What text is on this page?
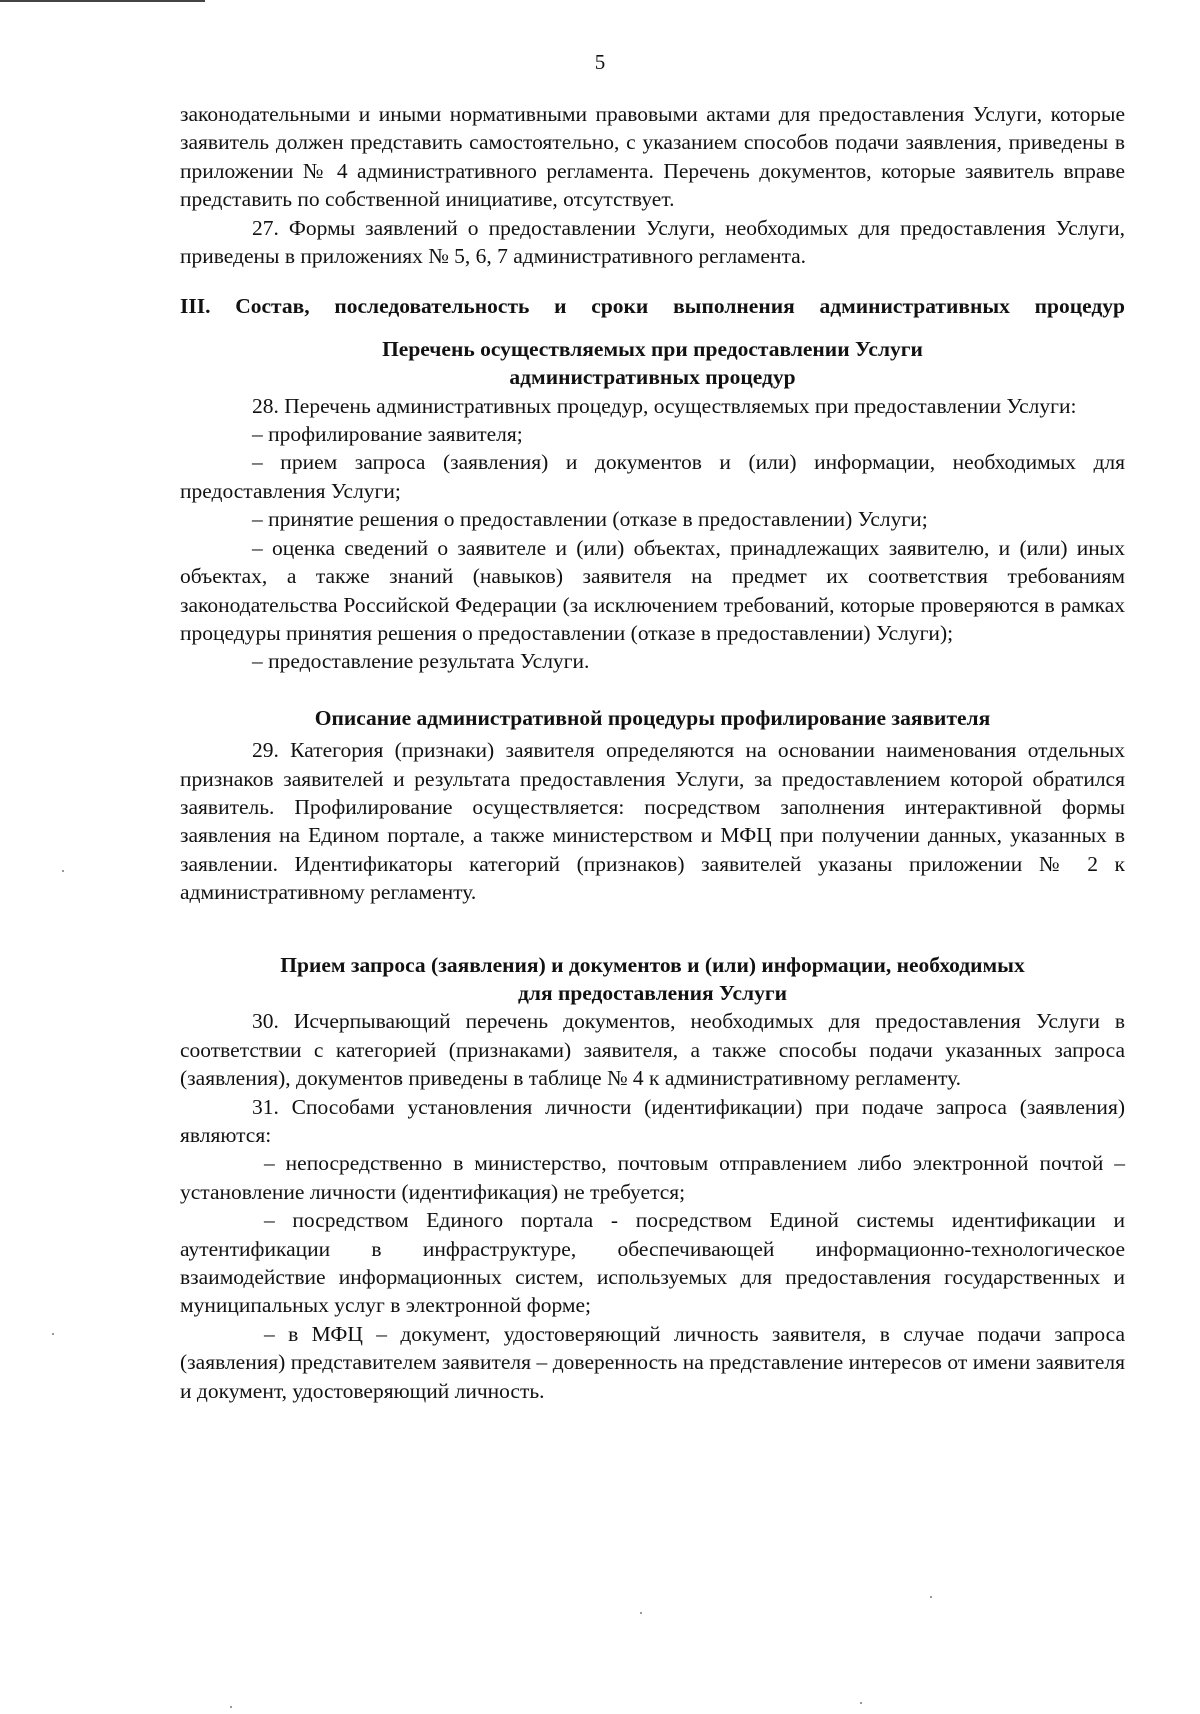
5

законодательными и иными нормативными правовыми актами для предоставления Услуги, которые заявитель должен представить самостоятельно, с указанием способов подачи заявления, приведены в приложении № 4 административного регламента. Перечень документов, которые заявитель вправе представить по собственной инициативе, отсутствует.

27. Формы заявлений о предоставлении Услуги, необходимых для предоставления Услуги, приведены в приложениях № 5, 6, 7 административного регламента.

III. Состав, последовательность и сроки выполнения административных процедур
Перечень осуществляемых при предоставлении Услуги
административных процедур

28. Перечень административных процедур, осуществляемых при предоставлении Услуги:

– профилирование заявителя;

– прием запроса (заявления) и документов и (или) информации, необходимых для предоставления Услуги;

– принятие решения о предоставлении (отказе в предоставлении) Услуги;

– оценка сведений о заявителе и (или) объектах, принадлежащих заявителю, и (или) иных объектах, а также знаний (навыков) заявителя на предмет их соответствия требованиям законодательства Российской Федерации (за исключением требований, которые проверяются в рамках процедуры принятия решения о предоставлении (отказе в предоставлении) Услуги);

– предоставление результата Услуги.

Описание административной процедуры профилирование заявителя

29. Категория (признаки) заявителя определяются на основании наименования отдельных признаков заявителей и результата предоставления Услуги, за предоставлением которой обратился заявитель. Профилирование осуществляется: посредством заполнения интерактивной формы заявления на Едином портале, а также министерством и МФЦ при получении данных, указанных в заявлении. Идентификаторы категорий (признаков) заявителей указаны приложении № 2 к административному регламенту.

Прием запроса (заявления) и документов и (или) информации, необходимых
для предоставления Услуги

30. Исчерпывающий перечень документов, необходимых для предоставления Услуги в соответствии с категорией (признаками) заявителя, а также способы подачи указанных запроса (заявления), документов приведены в таблице № 4 к административному регламенту.

31. Способами установления личности (идентификации) при подаче запроса (заявления) являются:

– непосредственно в министерство, почтовым отправлением либо электронной почтой – установление личности (идентификация) не требуется;

– посредством Единого портала - посредством Единой системы идентификации и аутентификации в инфраструктуре, обеспечивающей информационно-технологическое взаимодействие информационных систем, используемых для предоставления государственных и муниципальных услуг в электронной форме;

– в МФЦ – документ, удостоверяющий личность заявителя, в случае подачи запроса (заявления) представителем заявителя – доверенность на представление интересов от имени заявителя и документ, удостоверяющий личность.
